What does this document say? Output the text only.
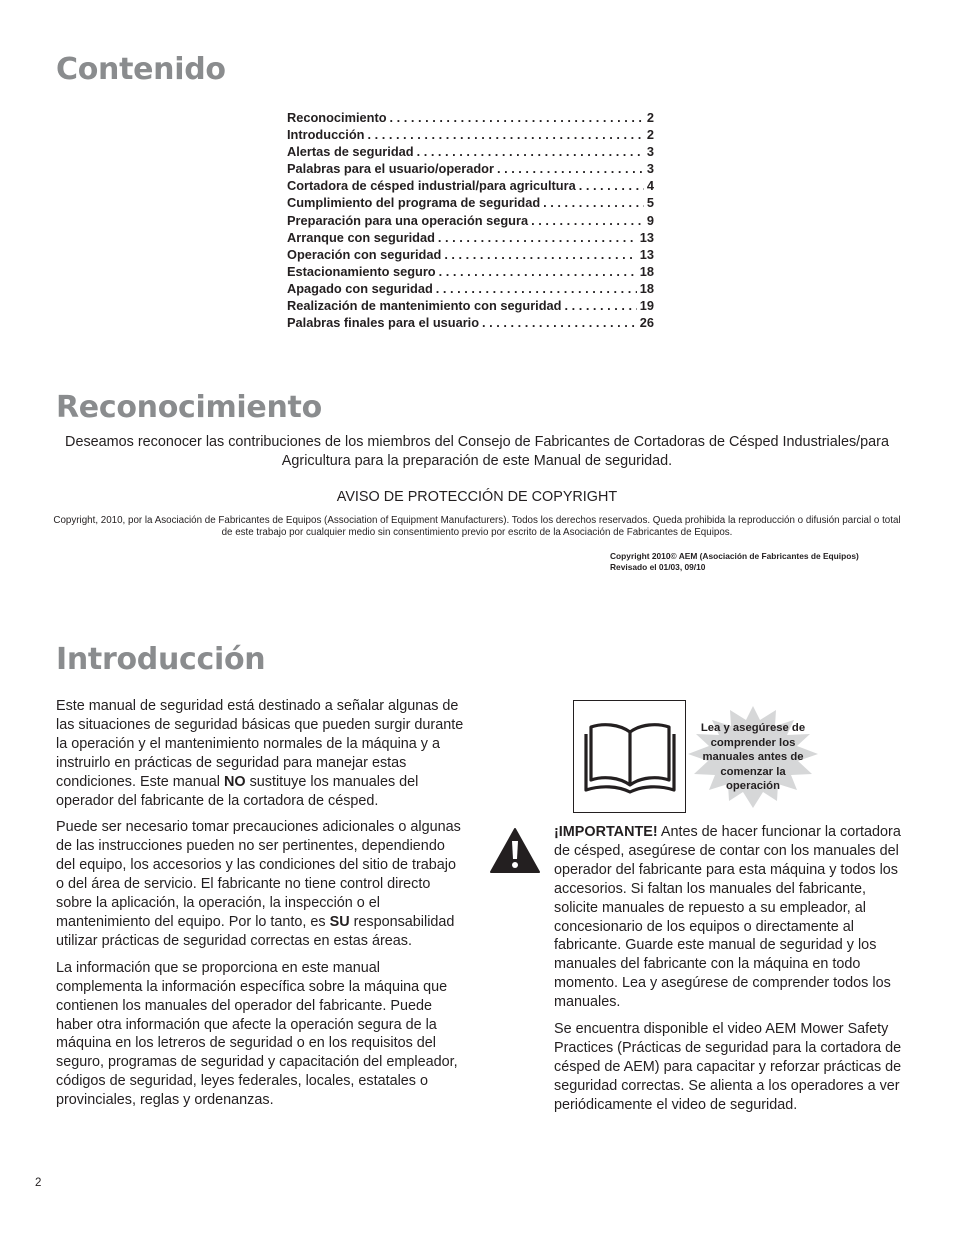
Contenido
Reconocimiento . . .	2
Introducción . . .	2
Alertas de seguridad . . .	3
Palabras para el usuario/operador . . .	3
Cortadora de césped industrial/para agricultura . . .	4
Cumplimiento del programa de seguridad . . .	5
Preparación para una operación segura . . .	9
Arranque con seguridad . . .	13
Operación con seguridad . . .	13
Estacionamiento seguro . . .	18
Apagado con seguridad . . .	18
Realización de mantenimiento con seguridad . . .	19
Palabras finales para el usuario . . .	26
Reconocimiento

Deseamos reconocer las contribuciones de los miembros del Consejo de Fabricantes de Cortadoras de Césped Industriales/para Agricultura para la preparación de este Manual de seguridad.

AVISO DE PROTECCIÓN DE COPYRIGHT

Copyright, 2010, por la Asociación de Fabricantes de Equipos (Association of Equipment Manufacturers). Todos los derechos reservados. Queda prohibida la reproducción o difusión parcial o total de este trabajo por cualquier medio sin consentimiento previo por escrito de la Asociación de Fabricantes de Equipos.

Copyright 2010© AEM (Asociación de Fabricantes de Equipos)
Revisado el 01/03, 09/10
Introducción

Este manual de seguridad está destinado a señalar algunas de las situaciones de seguridad básicas que pueden surgir durante la operación y el mantenimiento normales de la máquina y a instruirlo en prácticas de seguridad para manejar estas condiciones. Este manual NO sustituye los manuales del operador del fabricante de la cortadora de césped.

Puede ser necesario tomar precauciones adicionales o algunas de las instrucciones pueden no ser pertinentes, dependiendo del equipo, los accesorios y las condiciones del sitio de trabajo o del área de servicio. El fabricante no tiene control directo sobre la aplicación, la operación, la inspección o el mantenimiento del equipo. Por lo tanto, es SU responsabilidad utilizar prácticas de seguridad correctas en estas áreas.

La información que se proporciona en este manual complementa la información específica sobre la máquina que contienen los manuales del operador del fabricante. Puede haber otra información que afecte la operación segura de la máquina en los letreros de seguridad o en los requisitos del seguro, programas de seguridad y capacitación del empleador, códigos de seguridad, leyes federales, locales, estatales o provinciales, reglas y ordenanzas.

Lea y asegúrese de comprender los manuales antes de comenzar la operación

¡IMPORTANTE! Antes de hacer funcionar la cortadora de césped, asegúrese de contar con los manuales del operador del fabricante para esta máquina y todos los accesorios. Si faltan los manuales del fabricante, solicite manuales de repuesto a su empleador, al concesionario de los equipos o directamente al fabricante. Guarde este manual de seguridad y los manuales del fabricante con la máquina en todo momento. Lea y asegúrese de comprender todos los manuales.

Se encuentra disponible el video AEM Mower Safety Practices (Prácticas de seguridad para la cortadora de césped de AEM) para capacitar y reforzar prácticas de seguridad correctas. Se alienta a los operadores a ver periódicamente el video de seguridad.

2
